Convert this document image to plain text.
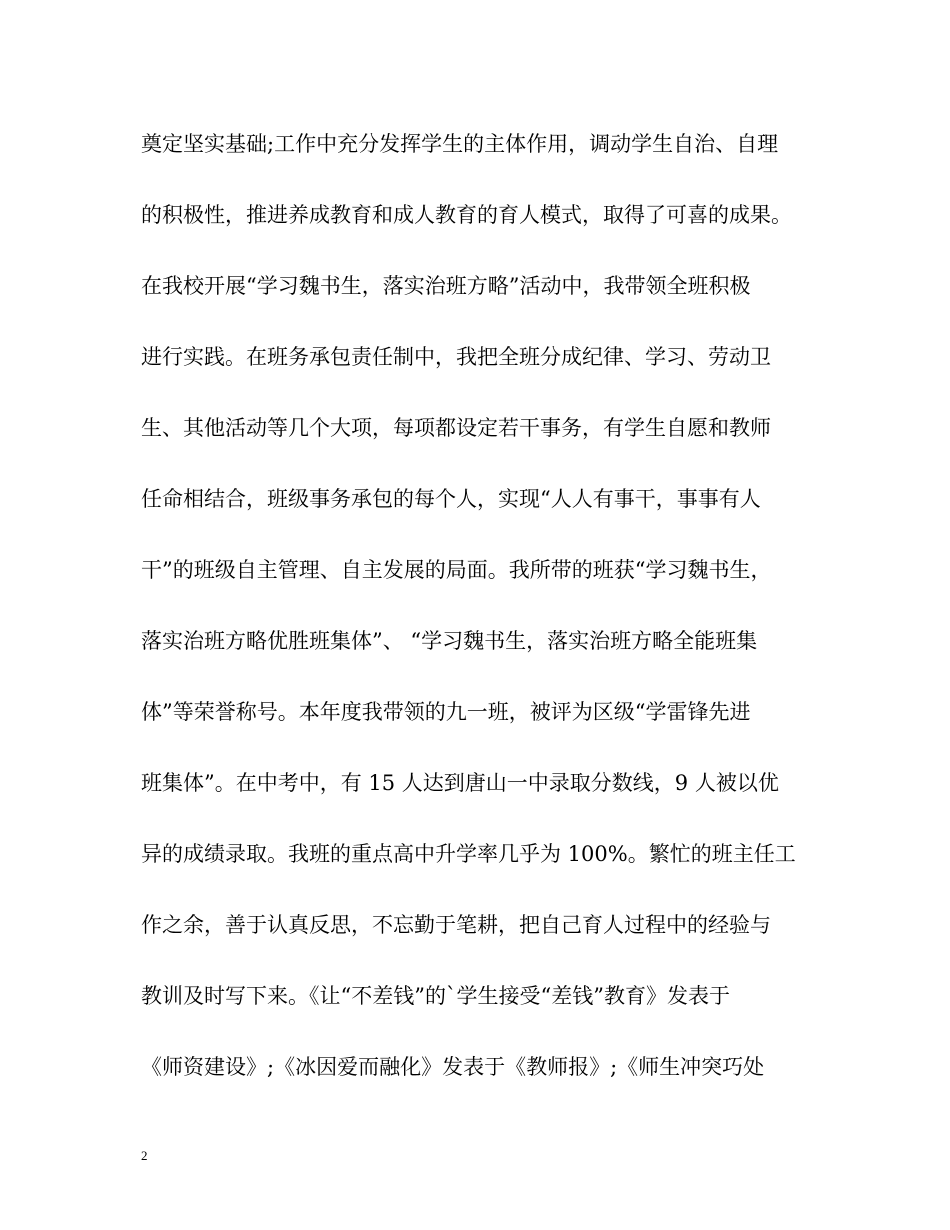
奠定坚实基础;工作中充分发挥学生的主体作用，调动学生自治、自理
的积极性，推进养成教育和成人教育的育人模式，取得了可喜的成果。
在我校开展“学习魏书生，落实治班方略”活动中，我带领全班积极
进行实践。在班务承包责任制中，我把全班分成纪律、学习、劳动卫
生、其他活动等几个大项，每项都设定若干事务，有学生自愿和教师
任命相结合，班级事务承包的每个人，实现“人人有事干，事事有人
干”的班级自主管理、自主发展的局面。我所带的班获“学习魏书生，
落实治班方略优胜班集体”、 “学习魏书生，落实治班方略全能班集
体”等荣誉称号。本年度我带领的九一班，被评为区级“学雷锋先进
班集体”。在中考中，有 15 人达到唐山一中录取分数线，9 人被以优
异的成绩录取。我班的重点高中升学率几乎为 100%。繁忙的班主任工
作之余，善于认真反思，不忘勤于笔耕，把自己育人过程中的经验与
教训及时写下来。《让“不差钱”的`学生接受“差钱”教育》发表于
《师资建设》;《冰因爱而融化》发表于《教师报》;《师生冲突巧处
2
